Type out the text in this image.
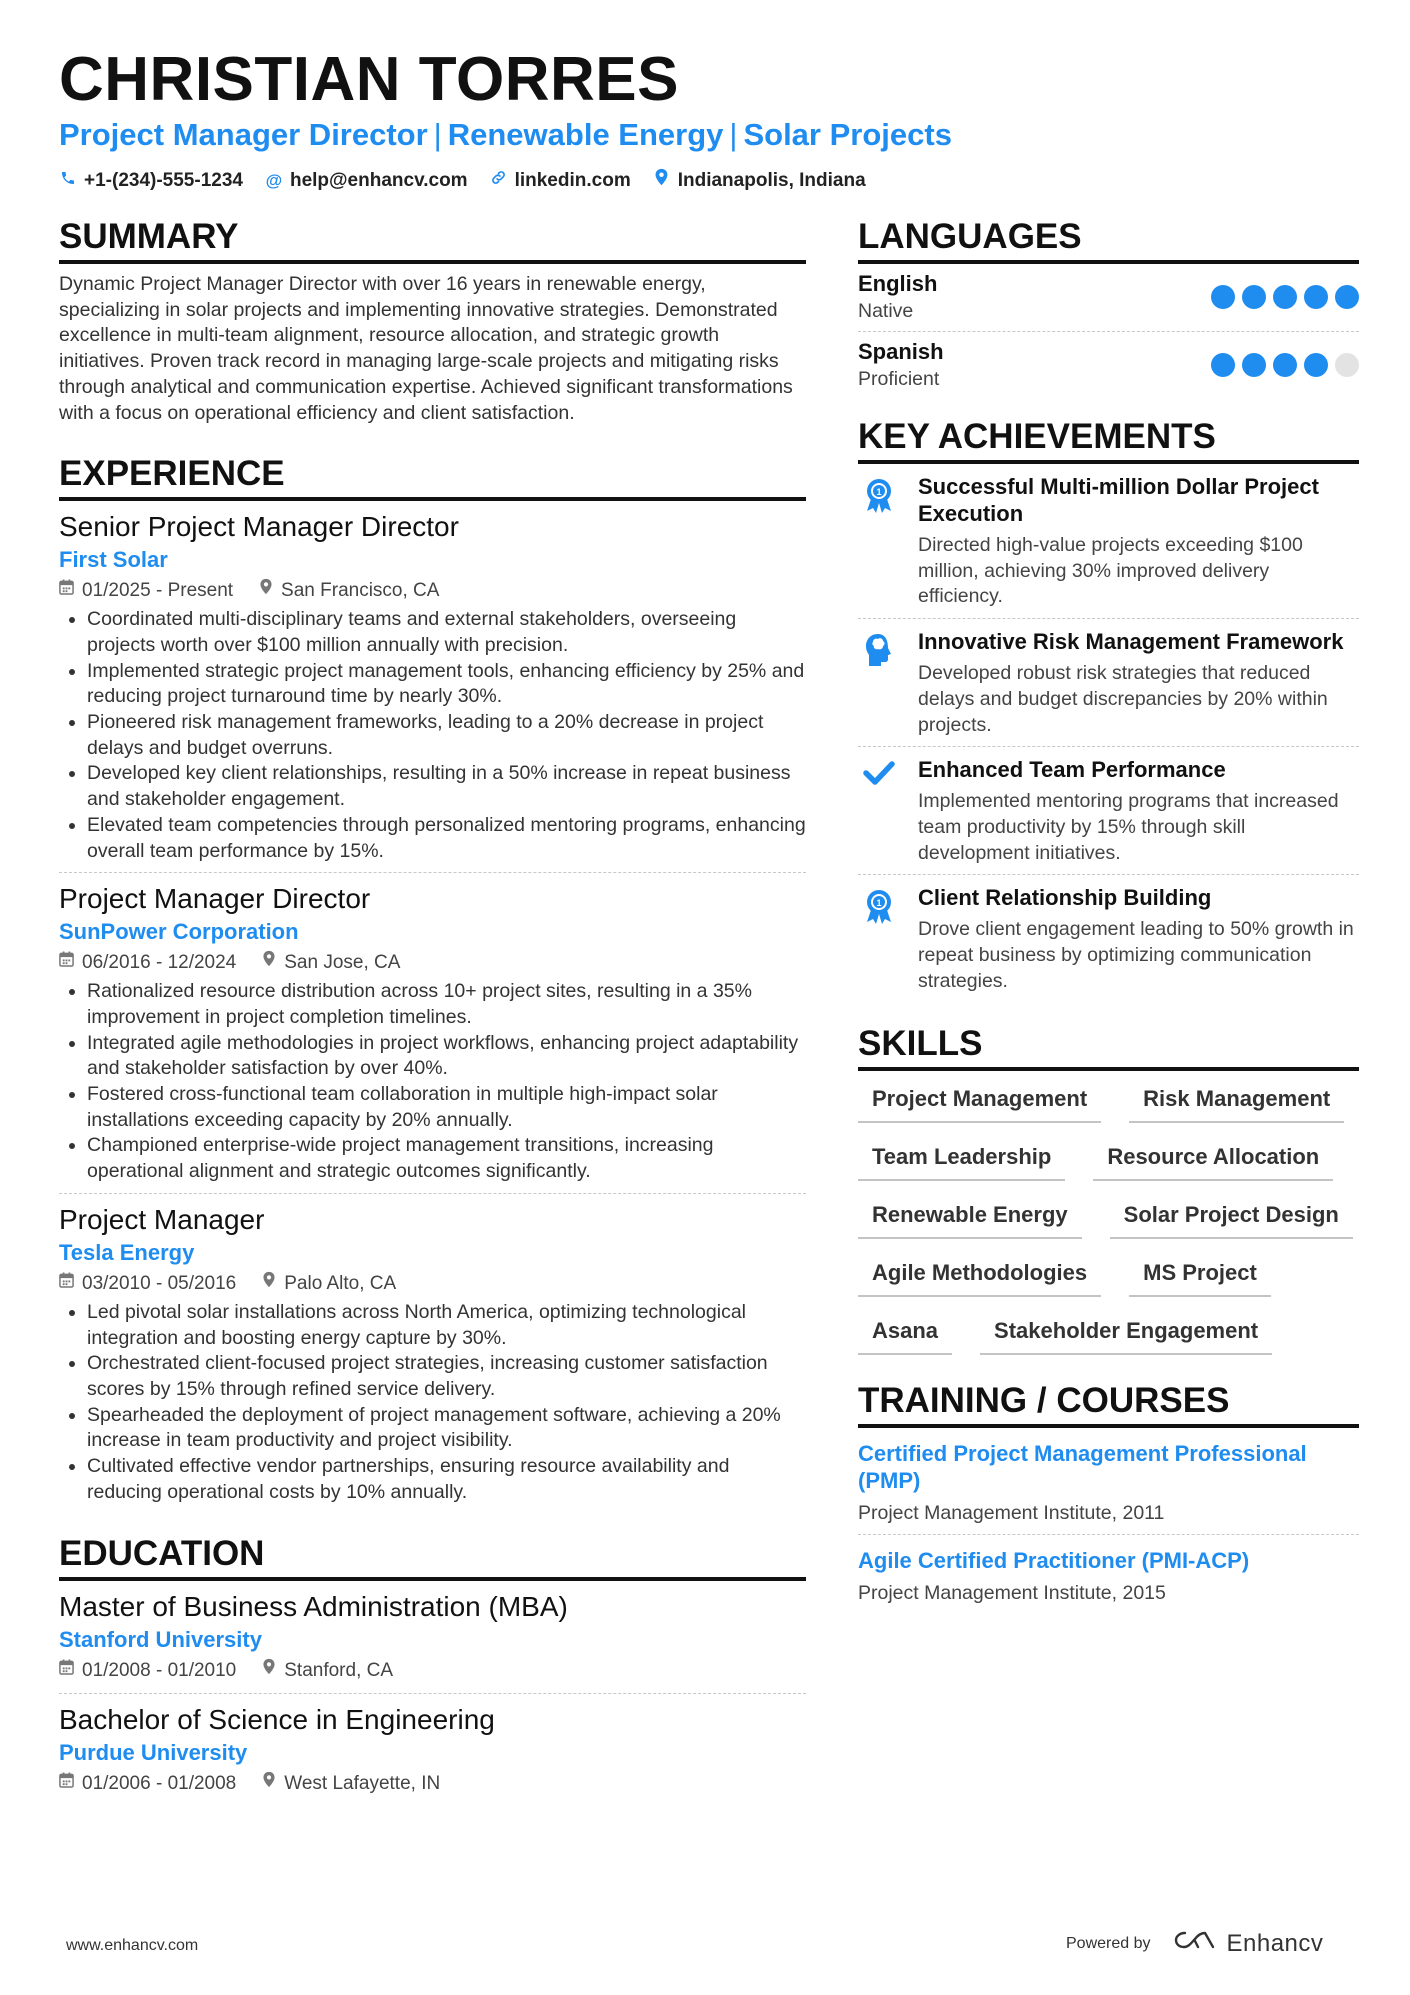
CHRISTIAN TORRES
Project Manager Director | Renewable Energy | Solar Projects
+1-(234)-555-1234 @ help@enhancv.com linkedin.com Indianapolis, Indiana
SUMMARY
Dynamic Project Manager Director with over 16 years in renewable energy, specializing in solar projects and implementing innovative strategies. Demonstrated excellence in multi-team alignment, resource allocation, and strategic growth initiatives. Proven track record in managing large-scale projects and mitigating risks through analytical and communication expertise. Achieved significant transformations with a focus on operational efficiency and client satisfaction.
EXPERIENCE
Senior Project Manager Director
First Solar
01/2025 - Present	San Francisco, CA
• Coordinated multi-disciplinary teams and external stakeholders, overseeing projects worth over $100 million annually with precision.
• Implemented strategic project management tools, enhancing efficiency by 25% and reducing project turnaround time by nearly 30%.
• Pioneered risk management frameworks, leading to a 20% decrease in project delays and budget overruns.
• Developed key client relationships, resulting in a 50% increase in repeat business and stakeholder engagement.
• Elevated team competencies through personalized mentoring programs, enhancing overall team performance by 15%.
Project Manager Director
SunPower Corporation
06/2016 - 12/2024	San Jose, CA
• Rationalized resource distribution across 10+ project sites, resulting in a 35% improvement in project completion timelines.
• Integrated agile methodologies in project workflows, enhancing project adaptability and stakeholder satisfaction by over 40%.
• Fostered cross-functional team collaboration in multiple high-impact solar installations exceeding capacity by 20% annually.
• Championed enterprise-wide project management transitions, increasing operational alignment and strategic outcomes significantly.
Project Manager
Tesla Energy
03/2010 - 05/2016	Palo Alto, CA
• Led pivotal solar installations across North America, optimizing technological integration and boosting energy capture by 30%.
• Orchestrated client-focused project strategies, increasing customer satisfaction scores by 15% through refined service delivery.
• Spearheaded the deployment of project management software, achieving a 20% increase in team productivity and project visibility.
• Cultivated effective vendor partnerships, ensuring resource availability and reducing operational costs by 10% annually.
EDUCATION
Master of Business Administration (MBA)
Stanford University
01/2008 - 01/2010	Stanford, CA
Bachelor of Science in Engineering
Purdue University
01/2006 - 01/2008	West Lafayette, IN
LANGUAGES
English
Native
Spanish
Proficient
KEY ACHIEVEMENTS
1 Successful Multi-million Dollar Project Execution
Directed high-value projects exceeding $100 million, achieving 30% improved delivery efficiency.
Innovative Risk Management Framework
Developed robust risk strategies that reduced delays and budget discrepancies by 20% within projects.
Enhanced Team Performance
Implemented mentoring programs that increased team productivity by 15% through skill development initiatives.
1 Client Relationship Building
Drove client engagement leading to 50% growth in repeat business by optimizing communication strategies.
SKILLS
Project Management	Risk Management
Team Leadership	Resource Allocation
Renewable Energy	Solar Project Design
Agile Methodologies	MS Project
Asana	Stakeholder Engagement
TRAINING / COURSES
Certified Project Management Professional (PMP)
Project Management Institute, 2011
Agile Certified Practitioner (PMI-ACP)
Project Management Institute, 2015
www.enhancv.com	Powered by	Enhancv
